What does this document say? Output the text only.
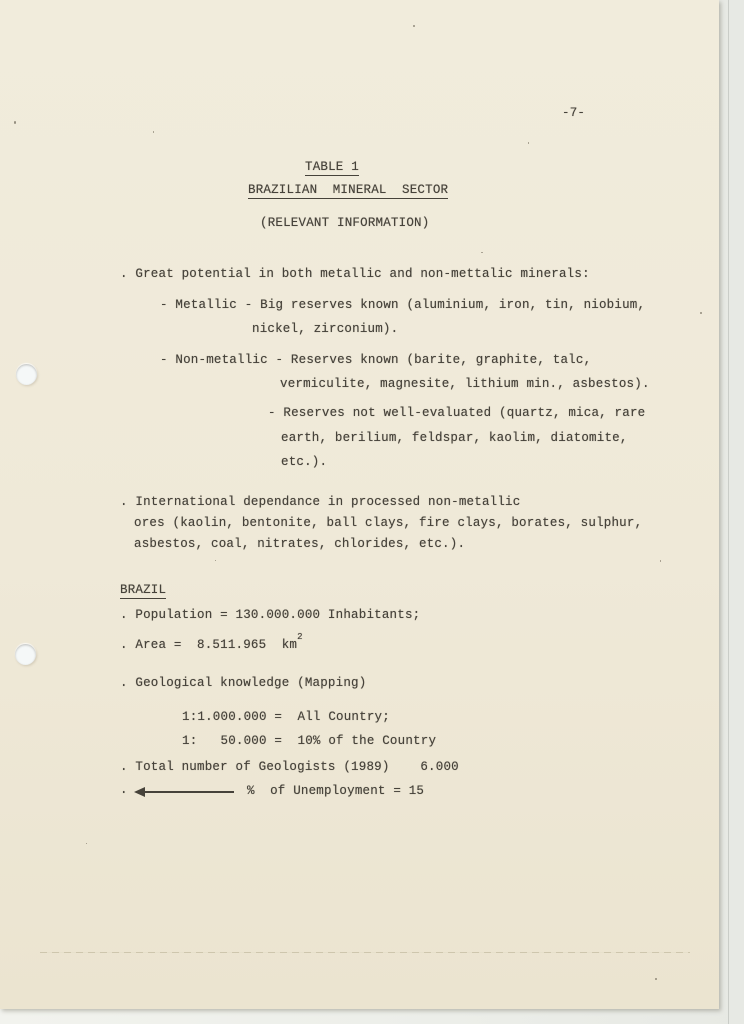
-7-
TABLE 1
BRAZILIAN  MINERAL  SECTOR
(RELEVANT INFORMATION)
. Great potential in both metallic and non-mettalic minerals:
- Metallic - Big reserves known (aluminium, iron, tin, niobium,
nickel, zirconium).
- Non-metallic - Reserves known (barite, graphite, talc,
vermiculite, magnesite, lithium min., asbestos).
- Reserves not well-evaluated (quartz, mica, rare
earth, berilium, feldspar, kaolim, diatomite,
etc.).
. International dependance in processed non-metallic
ores (kaolin, bentonite, ball clays, fire clays, borates, sulphur,
asbestos, coal, nitrates, chlorides, etc.).
BRAZIL
. Population = 130.000.000 Inhabitants;
. Area =  8.511.965  $km^2$
. Geological knowledge (Mapping)
1:1.000.000 =  All Country;
1:   50.000 =  10% of the Country
. Total number of Geologists (1989)    6.000
.	%  of Unemployment = 15
